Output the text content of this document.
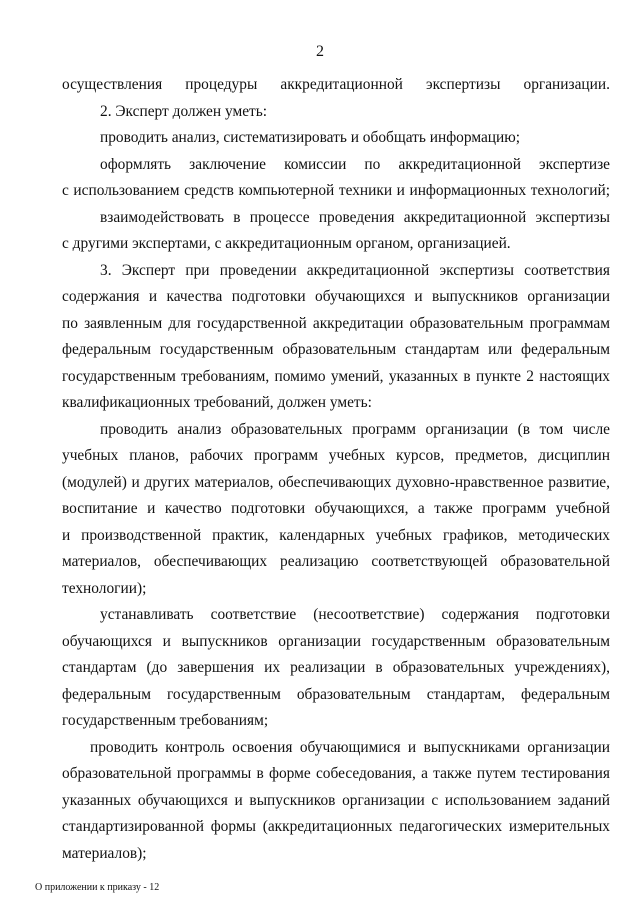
2
осуществления процедуры аккредитационной экспертизы организации.
2. Эксперт должен уметь:
проводить анализ, систематизировать и обобщать информацию;
оформлять заключение комиссии по аккредитационной экспертизе
с использованием средств компьютерной техники и информационных технологий;
взаимодействовать в процессе проведения аккредитационной экспертизы
с другими экспертами, с аккредитационным органом, организацией.
3. Эксперт при проведении аккредитационной экспертизы соответствия
содержания и качества подготовки обучающихся и выпускников организации
по заявленным для государственной аккредитации образовательным программам
федеральным государственным образовательным стандартам или федеральным
государственным требованиям, помимо умений, указанных в пункте 2 настоящих
квалификационных требований, должен уметь:
проводить анализ образовательных программ организации (в том числе
учебных планов, рабочих программ учебных курсов, предметов, дисциплин
(модулей) и других материалов, обеспечивающих духовно-нравственное развитие,
воспитание и качество подготовки обучающихся, а также программ учебной
и производственной практик, календарных учебных графиков, методических
материалов, обеспечивающих реализацию соответствующей образовательной
технологии);
устанавливать соответствие (несоответствие) содержания подготовки
обучающихся и выпускников организации государственным образовательным
стандартам (до завершения их реализации в образовательных учреждениях),
федеральным государственным образовательным стандартам, федеральным
государственным требованиям;
проводить контроль освоения обучающимися и выпускниками организации
образовательной программы в форме собеседования, а также путем тестирования
указанных обучающихся и выпускников организации с использованием заданий
стандартизированной формы (аккредитационных педагогических измерительных
материалов);
О приложении к приказу - 12
